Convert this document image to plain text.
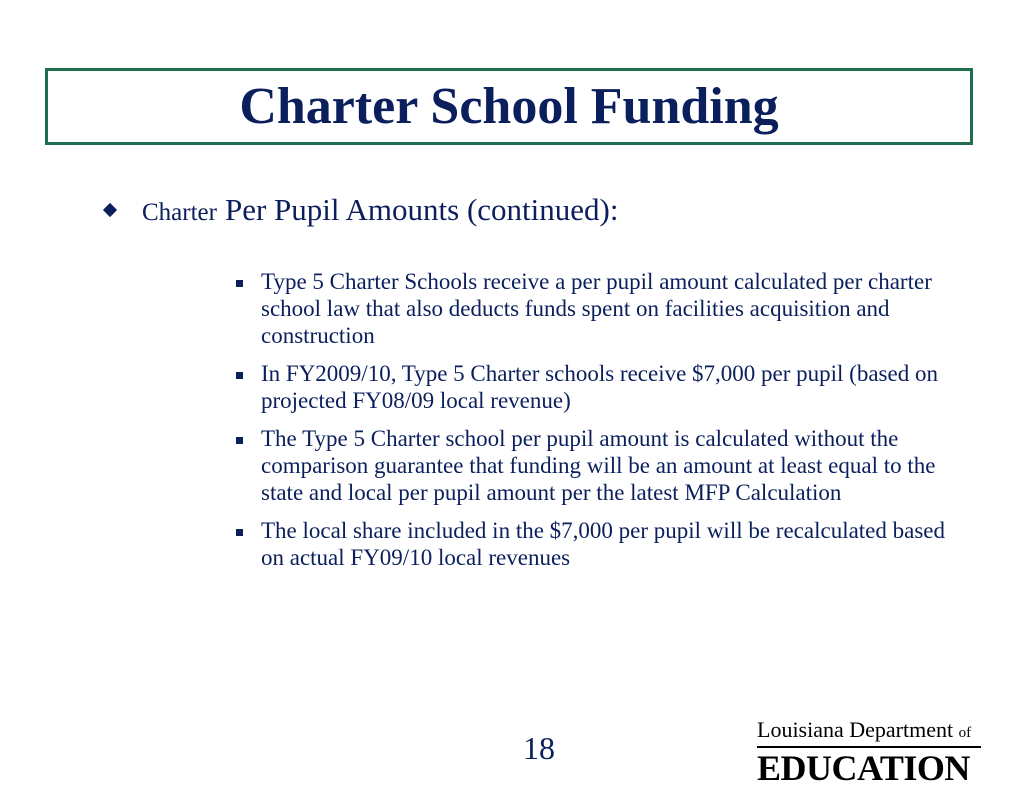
Charter School Funding
Charter Per Pupil Amounts (continued):
Type 5 Charter Schools receive a per pupil amount calculated per charter school law that also deducts funds spent on facilities acquisition and construction
In FY2009/10, Type 5 Charter schools receive $7,000 per pupil (based on projected FY08/09 local revenue)
The Type 5 Charter school per pupil amount is calculated without the comparison guarantee that funding will be an amount at least equal to the state and local per pupil amount per the latest MFP Calculation
The local share included in the $7,000 per pupil will be recalculated based on actual FY09/10 local revenues
18
Louisiana Department of
EDUCATION
